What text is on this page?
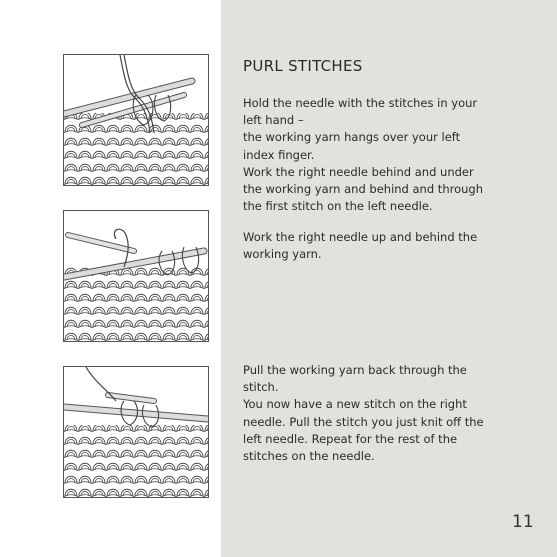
PURL STITCHES
Hold the needle with the stitches in your left hand –
the working yarn hangs over your left index finger.
Work the right needle behind and under the working yarn and behind and through the first stitch on the left needle.
Work the right needle up and behind the working yarn.
Pull the working yarn back through the stitch.
You now have a new stitch on the right needle. Pull the stitch you just knit off the left needle. Repeat for the rest of the stitches on the needle.
11
